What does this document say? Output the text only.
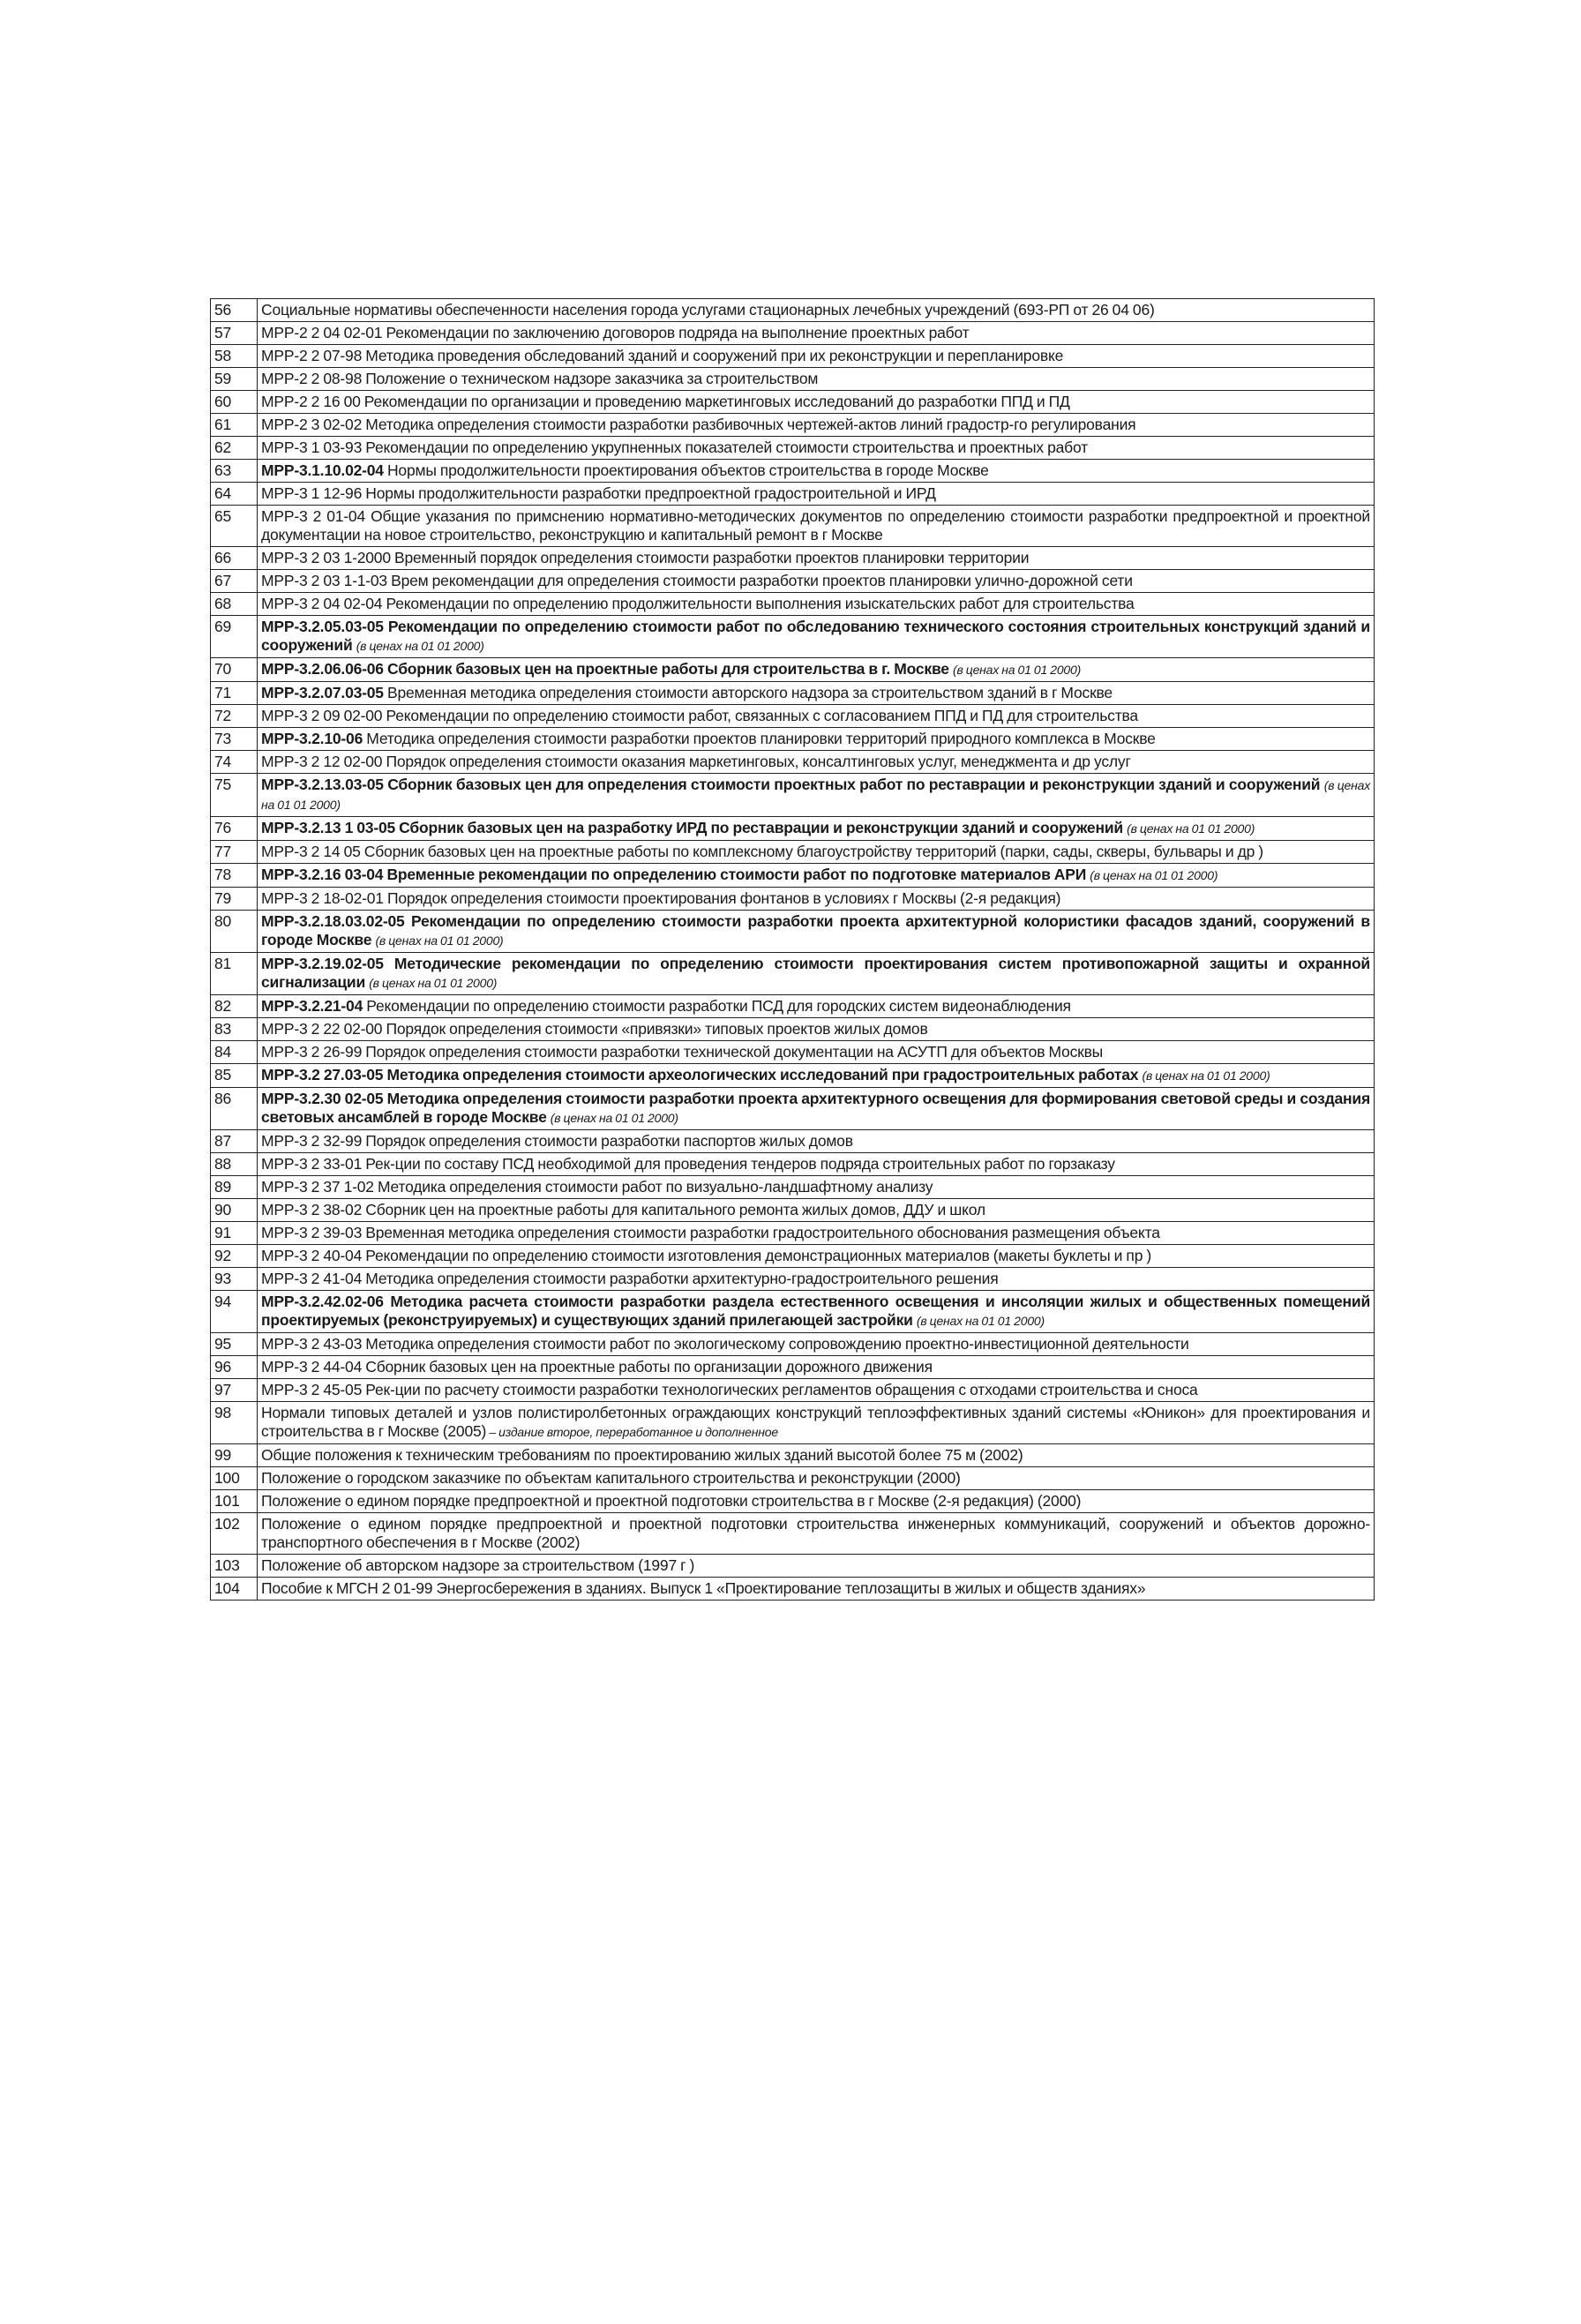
56	Социальные нормативы обеспеченности населения города услугами стационарных лечебных учреждений (693-РП от 26 04 06)
57	МРР-2 2 04 02-01 Рекомендации по заключению договоров подряда на выполнение проектных работ
58	МРР-2 2 07-98 Методика проведения обследований зданий и сооружений при их реконструкции и перепланировке
59	МРР-2 2 08-98 Положение о техническом надзоре заказчика за строительством
60	МРР-2 2 16 00 Рекомендации по организации и проведению маркетинговых исследований до разработки ППД и ПД
61	МРР-2 3 02-02 Методика определения стоимости разработки разбивочных чертежей-актов линий градостр-го регулирования
62	МРР-3 1 03-93 Рекомендации по определению укрупненных показателей стоимости строительства и проектных работ
63	МРР-3.1.10.02-04 Нормы продолжительности проектирования объектов строительства в городе Москве
64	МРР-3 1 12-96 Нормы продолжительности разработки предпроектной градостроительной и ИРД
65	МРР-3 2 01-04 Общие указания по примснению нормативно-методических документов по определению стоимости разработки предпроектной и проектной документации на новое строительство, реконструкцию и капитальный ремонт в г Москве
66	МРР-3 2 03 1-2000 Временный порядок определения стоимости разработки проектов планировки территории
67	МРР-3 2 03 1-1-03 Врем рекомендации для определения стоимости разработки проектов планировки улично-дорожной сети
68	МРР-3 2 04 02-04 Рекомендации по определению продолжительности выполнения изыскательских работ для строительства
69	МРР-3.2.05.03-05 Рекомендации по определению стоимости работ по обследованию технического состояния строительных конструкций зданий и сооружений (в ценах на 01 01 2000)
70	МРР-3.2.06.06-06 Сборник базовых цен на проектные работы для строительства в г. Москве (в ценах на 01 01 2000)
71	МРР-3.2.07.03-05 Временная методика определения стоимости авторского надзора за строительством зданий в г Москве
72	МРР-3 2 09 02-00 Рекомендации по определению стоимости работ, связанных с согласованием ППД и ПД для строительства
73	МРР-3.2.10-06 Методика определения стоимости разработки проектов планировки территорий природного комплекса в Москве
74	МРР-3 2 12 02-00 Порядок определения стоимости оказания маркетинговых, консалтинговых услуг, менеджмента и др услуг
75	МРР-3.2.13.03-05 Сборник базовых цен для определения стоимости проектных работ по реставрации и реконструкции зданий и сооружений (в ценах на 01 01 2000)
76	МРР-3.2.13 1 03-05 Сборник базовых цен на разработку ИРД по реставрации и реконструкции зданий и сооружений (в ценах на 01 01 2000)
77	МРР-3 2 14 05 Сборник базовых цен на проектные работы по комплексному благоустройству территорий (парки, сады, скверы, бульвары и др )
78	МРР-3.2.16 03-04 Временные рекомендации по определению стоимости работ по подготовке материалов АРИ (в ценах на 01 01 2000)
79	МРР-3 2 18-02-01 Порядок определения стоимости проектирования фонтанов в условиях г Москвы (2-я редакция)
80	МРР-3.2.18.03.02-05 Рекомендации по определению стоимости разработки проекта архитектурной колористики фасадов зданий, сооружений в городе Москве (в ценах на 01 01 2000)
81	МРР-3.2.19.02-05 Методические рекомендации по определению стоимости проектирования систем противопожарной защиты и охранной сигнализации (в ценах на 01 01 2000)
82	МРР-3.2.21-04 Рекомендации по определению стоимости разработки ПСД для городских систем видеонаблюдения
83	МРР-3 2 22 02-00 Порядок определения стоимости «привязки» типовых проектов жилых домов
84	МРР-3 2 26-99 Порядок определения стоимости разработки технической документации на АСУТП для объектов Москвы
85	МРР-3.2 27.03-05 Методика определения стоимости археологических исследований при градостроительных работах (в ценах на 01 01 2000)
86	МРР-3.2.30 02-05 Методика определения стоимости разработки проекта архитектурного освещения для формирования световой среды и создания световых ансамблей в городе Москве (в ценах на 01 01 2000)
87	МРР-3 2 32-99 Порядок определения стоимости разработки паспортов жилых домов
88	МРР-3 2 33-01 Рек-ции по составу ПСД необходимой для проведения тендеров подряда строительных работ по горзаказу
89	МРР-3 2 37 1-02 Методика определения стоимости работ по визуально-ландшафтному анализу
90	МРР-3 2 38-02 Сборник цен на проектные работы для капитального ремонта жилых домов, ДДУ и школ
91	МРР-3 2 39-03 Временная методика определения стоимости разработки градостроительного обоснования размещения объекта
92	МРР-3 2 40-04 Рекомендации по определению стоимости изготовления демонстрационных материалов (макеты буклеты и пр )
93	МРР-3 2 41-04 Методика определения стоимости разработки архитектурно-градостроительного решения
94	МРР-3.2.42.02-06 Методика расчета стоимости разработки раздела естественного освещения и инсоляции жилых и общественных помещений проектируемых (реконструируемых) и существующих зданий прилегающей застройки (в ценах на 01 01 2000)
95	МРР-3 2 43-03 Методика определения стоимости работ по экологическому сопровождению проектно-инвестиционной деятельности
96	МРР-3 2 44-04 Сборник базовых цен на проектные работы по организации дорожного движения
97	МРР-3 2 45-05 Рек-ции по расчету стоимости разработки технологических регламентов обращения с отходами строительства и сноса
98	Нормали типовых деталей и узлов полистиролбетонных ограждающих конструкций теплоэффективных зданий системы «Юникон» для проектирования и строительства в г Москве (2005) – издание второе, переработанное и дополненное
99	Общие положения к техническим требованиям по проектированию жилых зданий высотой более 75 м (2002)
100	Положение о городском заказчике по объектам капитального строительства и реконструкции (2000)
101	Положение о едином порядке предпроектной и проектной подготовки строительства в г Москве (2-я редакция) (2000)
102	Положение о едином порядке предпроектной и проектной подготовки строительства инженерных коммуникаций, сооружений и объектов дорожно-транспортного обеспечения в г Москве (2002)
103	Положение об авторском надзоре за строительством (1997 г )
104	Пособие к МГСН 2 01-99 Энергосбережения в зданиях. Выпуск 1 «Проектирование теплозащиты в жилых и обществ зданиях»
